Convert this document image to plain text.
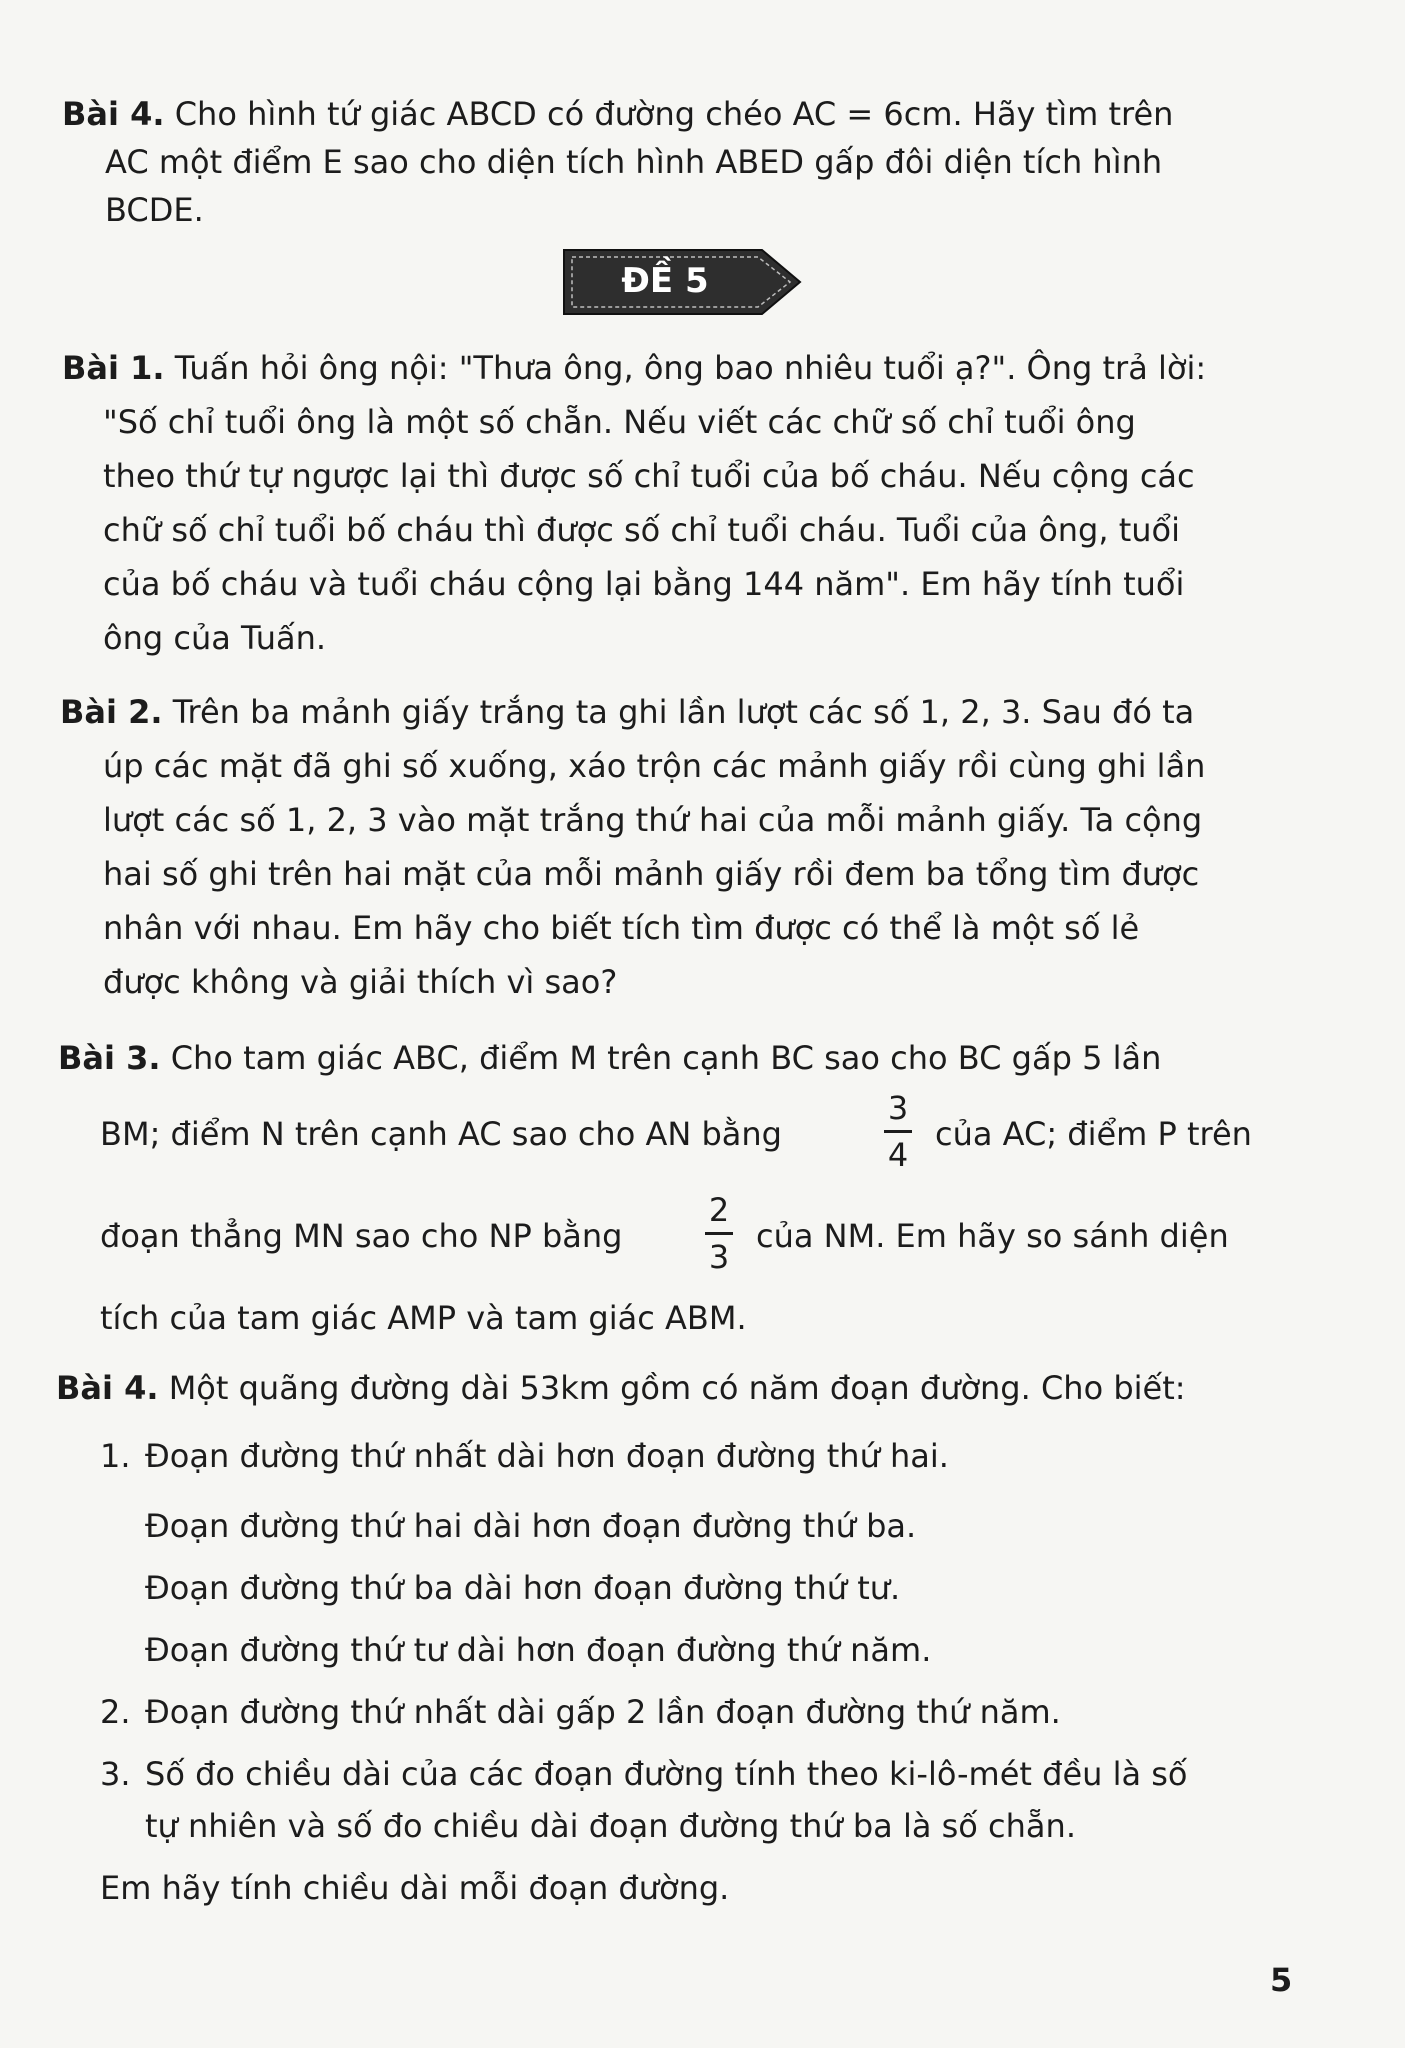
Bài 4. Cho hình tứ giác ABCD có đường chéo AC = 6cm. Hãy tìm trên

AC một điểm E sao cho diện tích hình ABED gấp đôi diện tích hình

BCDE.

ĐỀ 5

Bài 1. Tuấn hỏi ông nội: "Thưa ông, ông bao nhiêu tuổi ạ?". Ông trả lời:

"Số chỉ tuổi ông là một số chẵn. Nếu viết các chữ số chỉ tuổi ông

theo thứ tự ngược lại thì được số chỉ tuổi của bố cháu. Nếu cộng các

chữ số chỉ tuổi bố cháu thì được số chỉ tuổi cháu. Tuổi của ông, tuổi

của bố cháu và tuổi cháu cộng lại bằng 144 năm". Em hãy tính tuổi

ông của Tuấn.

Bài 2. Trên ba mảnh giấy trắng ta ghi lần lượt các số 1, 2, 3. Sau đó ta

úp các mặt đã ghi số xuống, xáo trộn các mảnh giấy rồi cùng ghi lần

lượt các số 1, 2, 3 vào mặt trắng thứ hai của mỗi mảnh giấy. Ta cộng

hai số ghi trên hai mặt của mỗi mảnh giấy rồi đem ba tổng tìm được

nhân với nhau. Em hãy cho biết tích tìm được có thể là một số lẻ

được không và giải thích vì sao?

Bài 3. Cho tam giác ABC, điểm M trên cạnh BC sao cho BC gấp 5 lần

BM; điểm N trên cạnh AC sao cho AN bằng

3
4

của AC; điểm P trên

đoạn thẳng MN sao cho NP bằng

2
3

của NM. Em hãy so sánh diện

tích của tam giác AMP và tam giác ABM.

Bài 4. Một quãng đường dài 53km gồm có năm đoạn đường. Cho biết:

1. Đoạn đường thứ nhất dài hơn đoạn đường thứ hai.

Đoạn đường thứ hai dài hơn đoạn đường thứ ba.

Đoạn đường thứ ba dài hơn đoạn đường thứ tư.

Đoạn đường thứ tư dài hơn đoạn đường thứ năm.

2. Đoạn đường thứ nhất dài gấp 2 lần đoạn đường thứ năm.

3. Số đo chiều dài của các đoạn đường tính theo ki-lô-mét đều là số

tự nhiên và số đo chiều dài đoạn đường thứ ba là số chẵn.

Em hãy tính chiều dài mỗi đoạn đường.

5
